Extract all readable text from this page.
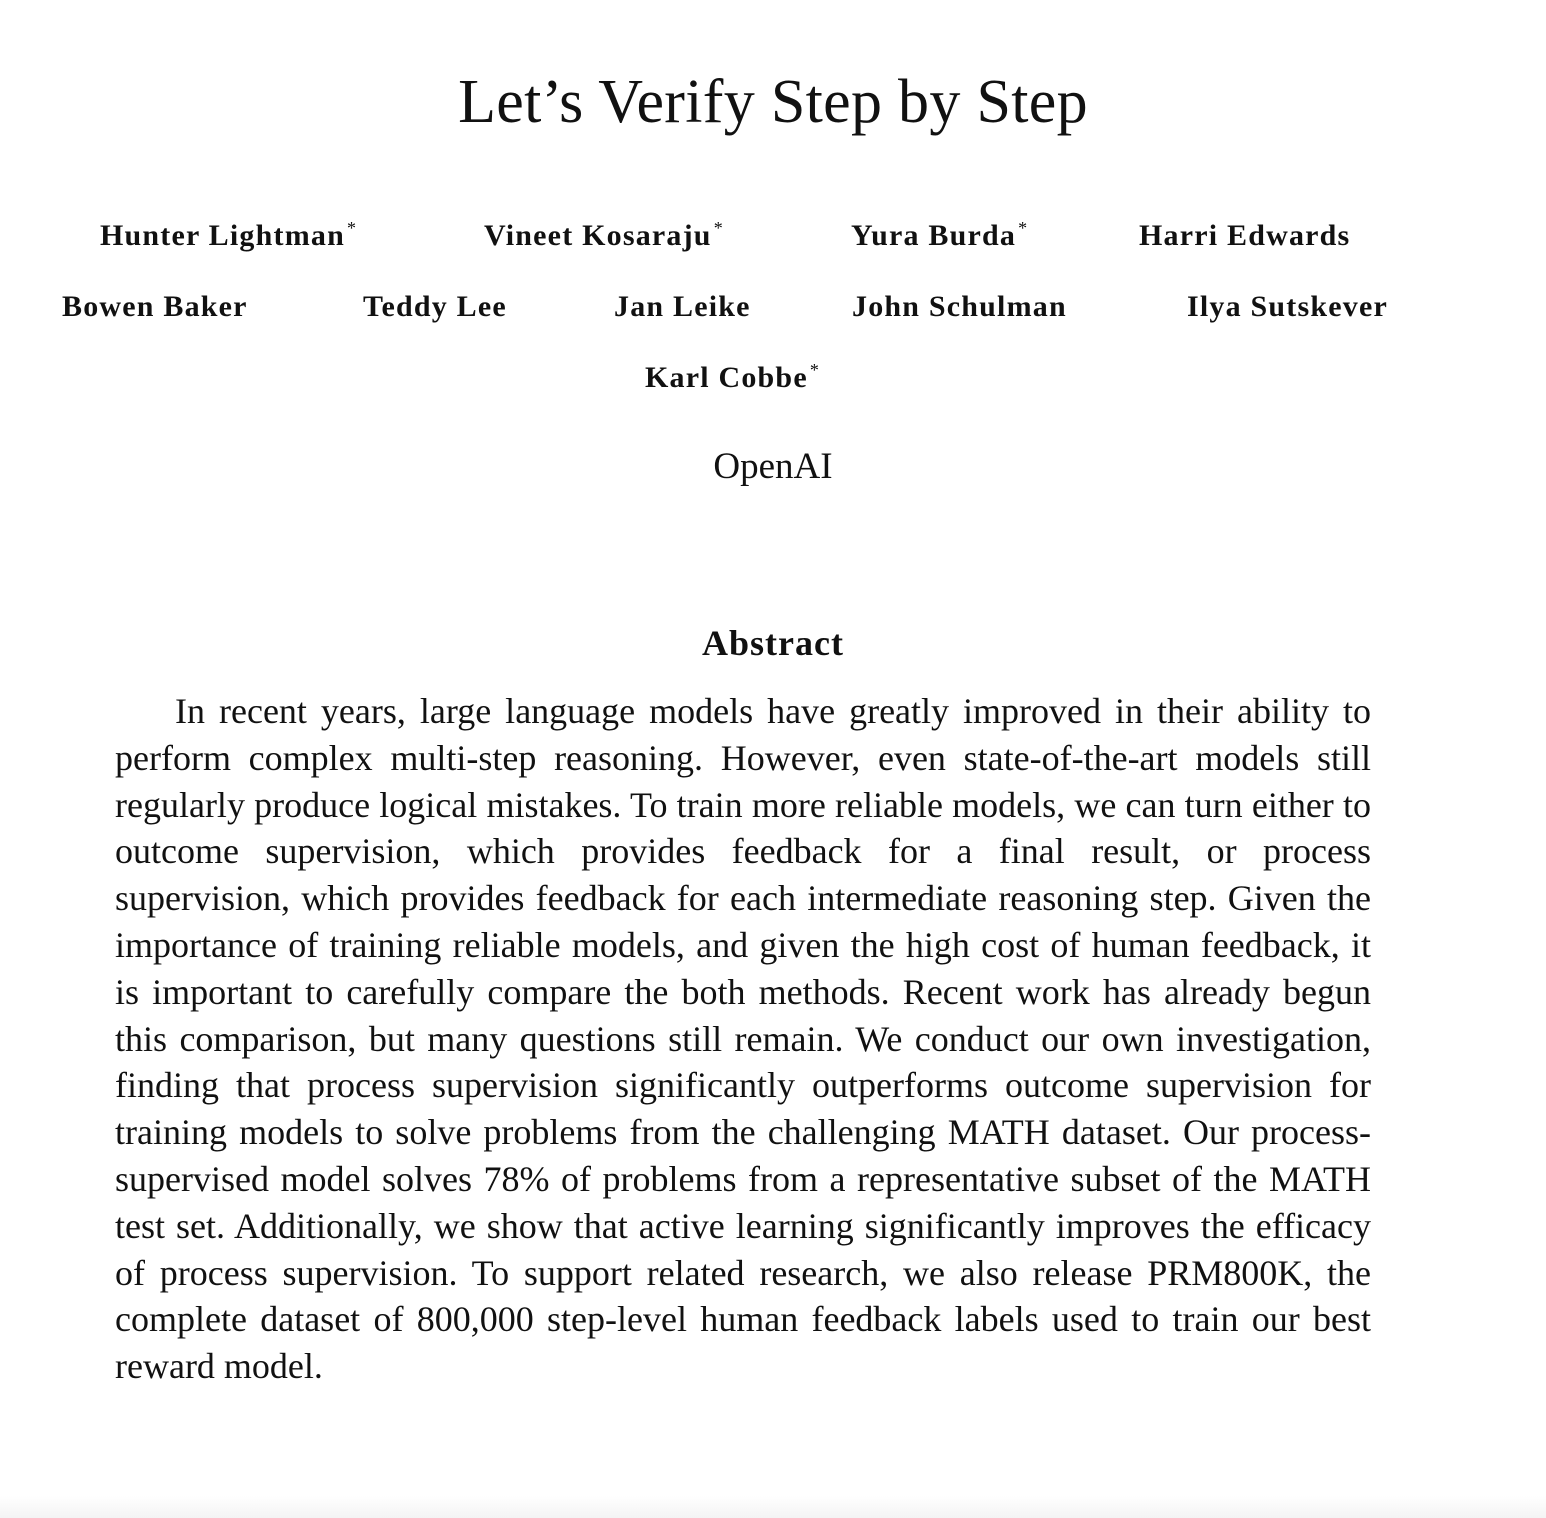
Let’s Verify Step by Step
Hunter Lightman *	Vineet Kosaraju *	Yura Burda *	Harri Edwards
Bowen Baker	Teddy Lee	Jan Leike	John Schulman	Ilya Sutskever
Karl Cobbe *
OpenAI
Abstract

In recent years, large language models have greatly improved in their ability to perform complex multi-step reasoning. However, even state-of-the-art models still regularly produce logical mistakes. To train more reliable models, we can turn either to outcome supervision, which provides feedback for a final result, or process supervision, which provides feedback for each intermediate reasoning step. Given the importance of training reliable models, and given the high cost of human feedback, it is important to carefully compare the both methods. Recent work has already begun this comparison, but many questions still remain. We conduct our own investigation, finding that process supervision significantly outperforms outcome supervision for training models to solve problems from the challenging MATH dataset. Our process-supervised model solves 78% of problems from a representative subset of the MATH test set. Additionally, we show that active learning significantly improves the efficacy of process supervision. To support related research, we also release PRM800K, the complete dataset of 800,000 step-level human feedback labels used to train our best reward model.
